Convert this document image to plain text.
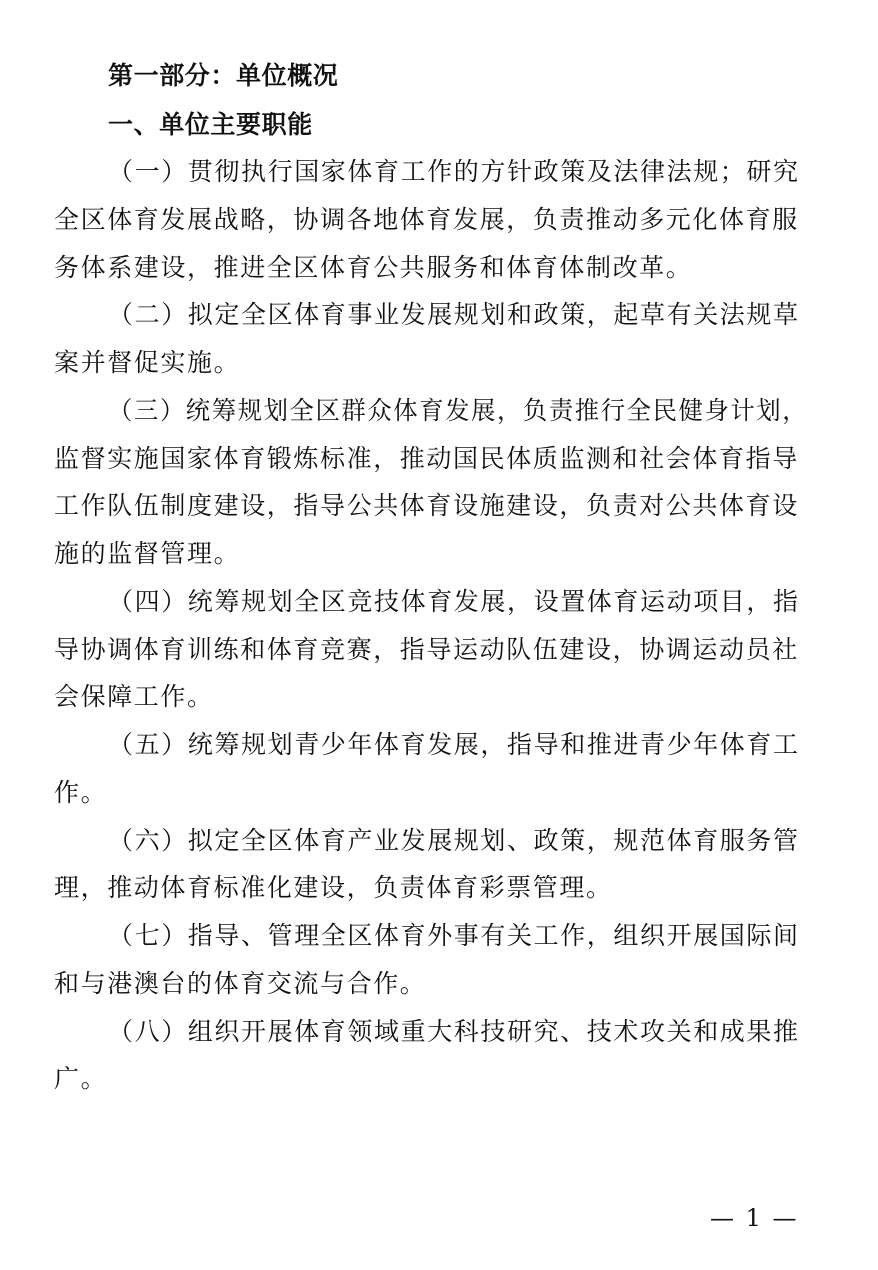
第一部分：单位概况
一、单位主要职能
（一）贯彻执行国家体育工作的方针政策及法律法规；研究
全区体育发展战略，协调各地体育发展，负责推动多元化体育服
务体系建设，推进全区体育公共服务和体育体制改革。
（二）拟定全区体育事业发展规划和政策，起草有关法规草
案并督促实施。
（三）统筹规划全区群众体育发展，负责推行全民健身计划，
监督实施国家体育锻炼标准，推动国民体质监测和社会体育指导
工作队伍制度建设，指导公共体育设施建设，负责对公共体育设
施的监督管理。
（四）统筹规划全区竞技体育发展，设置体育运动项目，指
导协调体育训练和体育竞赛，指导运动队伍建设，协调运动员社
会保障工作。
（五）统筹规划青少年体育发展，指导和推进青少年体育工
作。
（六）拟定全区体育产业发展规划、政策，规范体育服务管
理，推动体育标准化建设，负责体育彩票管理。
（七）指导、管理全区体育外事有关工作，组织开展国际间
和与港澳台的体育交流与合作。
（八）组织开展体育领域重大科技研究、技术攻关和成果推
广。
— 1 —
